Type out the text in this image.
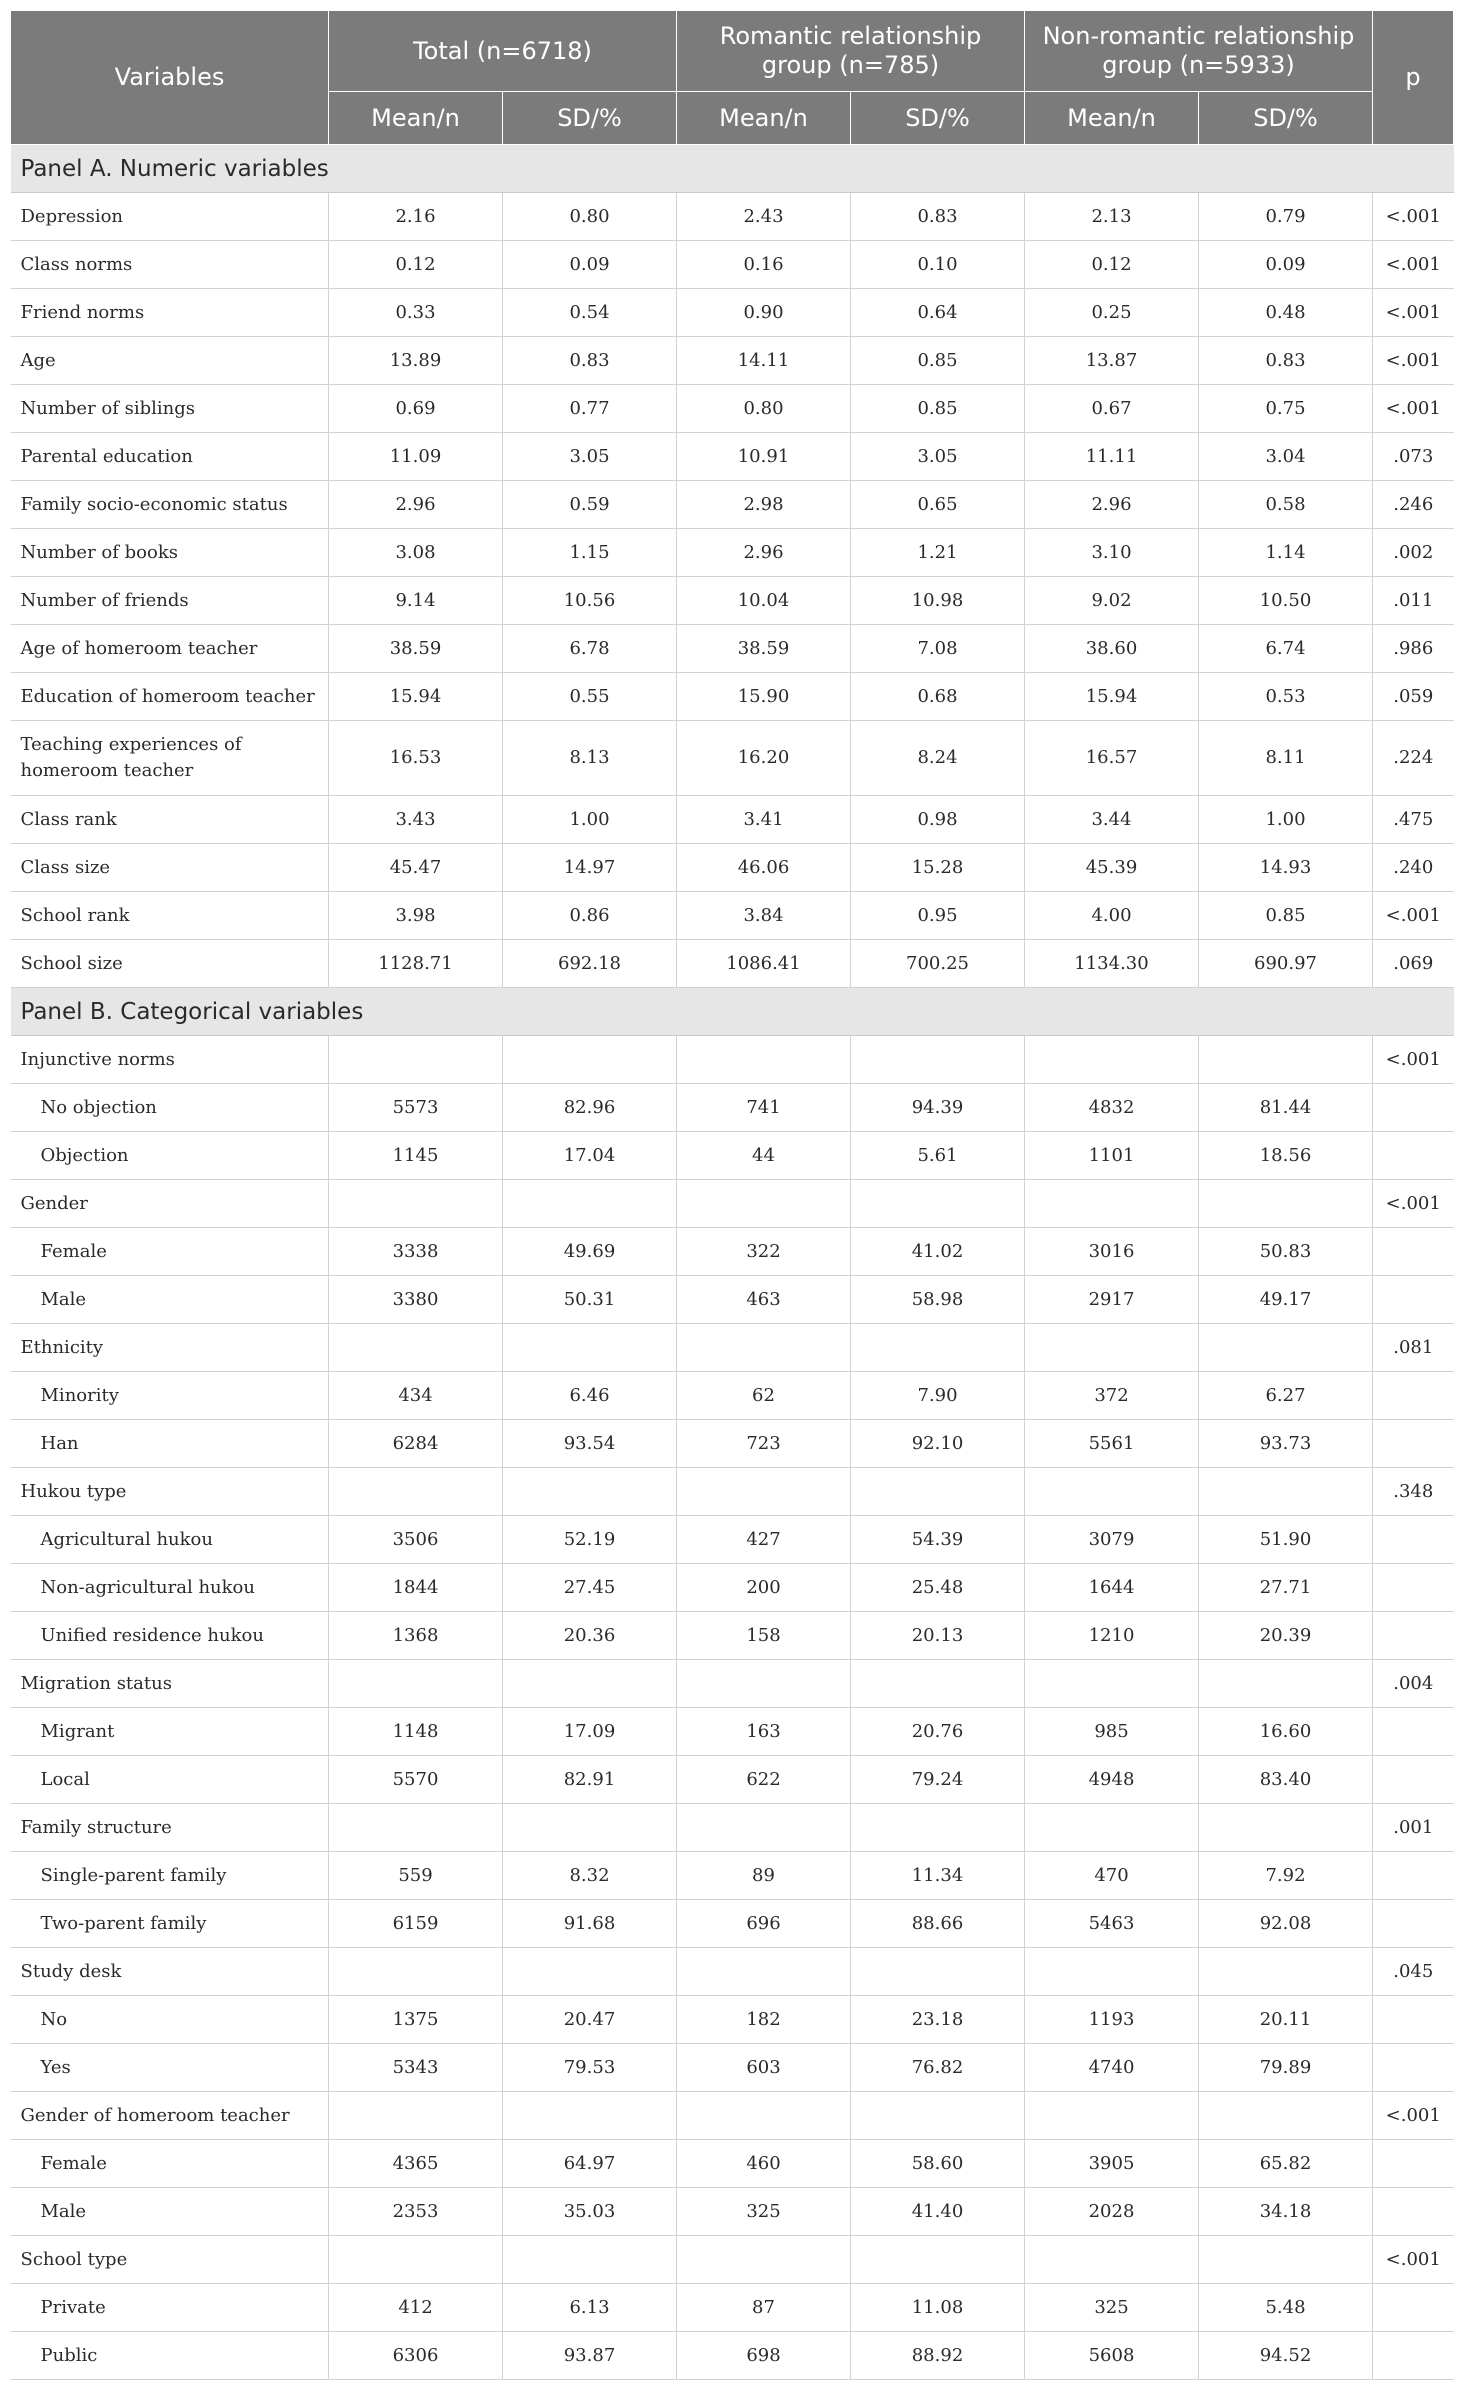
Variables	Total (n=6718)		Romantic relationship group (n=785)		Non-romantic relationship group (n=5933)		p
	Mean/n	SD/%	Mean/n	SD/%	Mean/n	SD/%	
Panel A. Numeric variables							
Depression	2.16	0.80	2.43	0.83	2.13	0.79	<.001
Class norms	0.12	0.09	0.16	0.10	0.12	0.09	<.001
Friend norms	0.33	0.54	0.90	0.64	0.25	0.48	<.001
Age	13.89	0.83	14.11	0.85	13.87	0.83	<.001
Number of siblings	0.69	0.77	0.80	0.85	0.67	0.75	<.001
Parental education	11.09	3.05	10.91	3.05	11.11	3.04	.073
Family socio-economic status	2.96	0.59	2.98	0.65	2.96	0.58	.246
Number of books	3.08	1.15	2.96	1.21	3.10	1.14	.002
Number of friends	9.14	10.56	10.04	10.98	9.02	10.50	.011
Age of homeroom teacher	38.59	6.78	38.59	7.08	38.60	6.74	.986
Education of homeroom teacher	15.94	0.55	15.90	0.68	15.94	0.53	.059
Teaching experiences of homeroom teacher	16.53	8.13	16.20	8.24	16.57	8.11	.224
Class rank	3.43	1.00	3.41	0.98	3.44	1.00	.475
Class size	45.47	14.97	46.06	15.28	45.39	14.93	.240
School rank	3.98	0.86	3.84	0.95	4.00	0.85	<.001
School size	1128.71	692.18	1086.41	700.25	1134.30	690.97	.069
Panel B. Categorical variables							
Injunctive norms							<.001
No objection	5573	82.96	741	94.39	4832	81.44	
Objection	1145	17.04	44	5.61	1101	18.56	
Gender							<.001
Female	3338	49.69	322	41.02	3016	50.83	
Male	3380	50.31	463	58.98	2917	49.17	
Ethnicity							.081
Minority	434	6.46	62	7.90	372	6.27	
Han	6284	93.54	723	92.10	5561	93.73	
Hukou type							.348
Agricultural hukou	3506	52.19	427	54.39	3079	51.90	
Non-agricultural hukou	1844	27.45	200	25.48	1644	27.71	
Unified residence hukou	1368	20.36	158	20.13	1210	20.39	
Migration status							.004
Migrant	1148	17.09	163	20.76	985	16.60	
Local	5570	82.91	622	79.24	4948	83.40	
Family structure							.001
Single-parent family	559	8.32	89	11.34	470	7.92	
Two-parent family	6159	91.68	696	88.66	5463	92.08	
Study desk							.045
No	1375	20.47	182	23.18	1193	20.11	
Yes	5343	79.53	603	76.82	4740	79.89	
Gender of homeroom teacher							<.001
Female	4365	64.97	460	58.60	3905	65.82	
Male	2353	35.03	325	41.40	2028	34.18	
School type							<.001
Private	412	6.13	87	11.08	325	5.48	
Public	6306	93.87	698	88.92	5608	94.52	
